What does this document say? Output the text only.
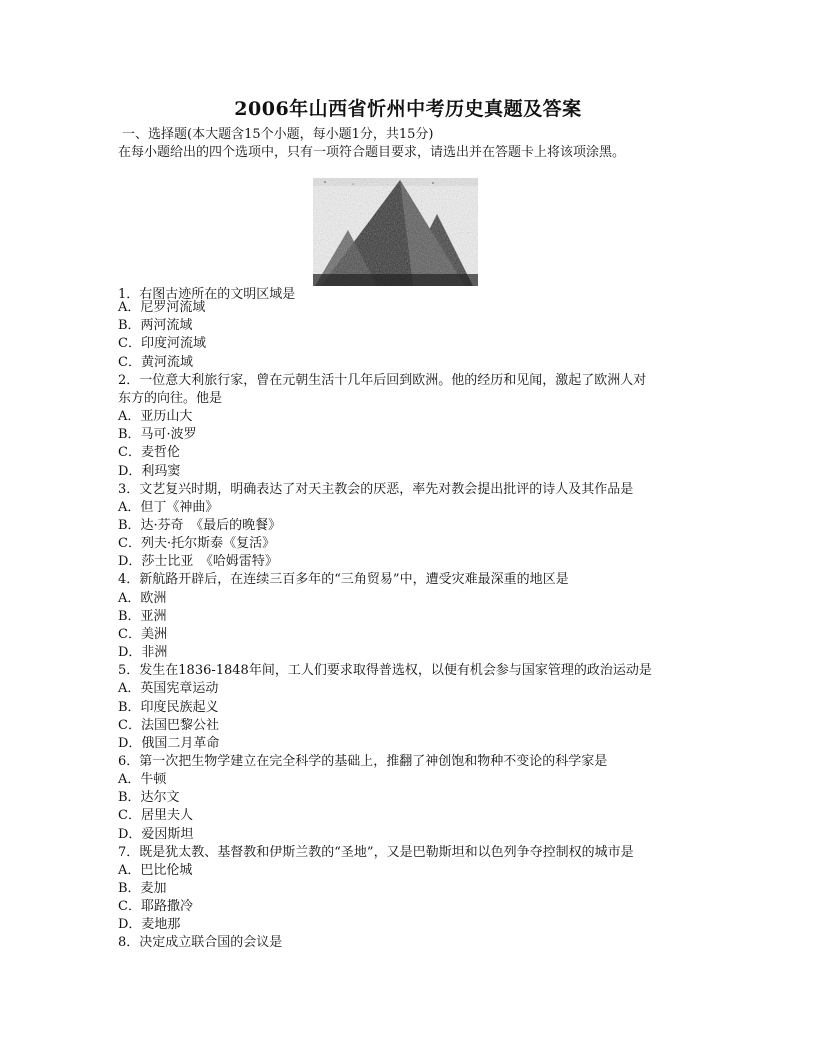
2006年山西省忻州中考历史真题及答案
一、选择题(本大题含15个小题，每小题1分，共15分)
在每小题给出的四个选项中，只有一项符合题目要求，请选出并在答题卡上将该项涂黑。
1．右图古迹所在的文明区域是
A．尼罗河流域
B．两河流域
C．印度河流域
C．黄河流域
2．一位意大利旅行家，曾在元朝生活十几年后回到欧洲。他的经历和见闻，激起了欧洲人对
东方的向往。他是
A．亚历山大
B．马可·波罗
C．麦哲伦
D．利玛窦
3．文艺复兴时期，明确表达了对天主教会的厌恶，率先对教会提出批评的诗人及其作品是
A．但丁《神曲》
B．达·芬奇　《最后的晚餐》
C．列夫·托尔斯泰《复活》
D．莎士比亚　《哈姆雷特》
4．新航路开辟后，在连续三百多年的“三角贸易”中，遭受灾难最深重的地区是
A．欧洲
B．亚洲
C．美洲
D．非洲
5．发生在1836-1848年间，工人们要求取得普选权，以便有机会参与国家管理的政治运动是
A．英国宪章运动
B．印度民族起义
C．法国巴黎公社
D．俄国二月革命
6．第一次把生物学建立在完全科学的基础上，推翻了神创饱和物种不变论的科学家是
A．牛顿
B．达尔文
C．居里夫人
D．爱因斯坦
7．既是犹太教、基督教和伊斯兰教的“圣地”，又是巴勒斯坦和以色列争夺控制权的城市是
A．巴比伦城
B．麦加
C．耶路撒冷
D．麦地那
8．决定成立联合国的会议是
